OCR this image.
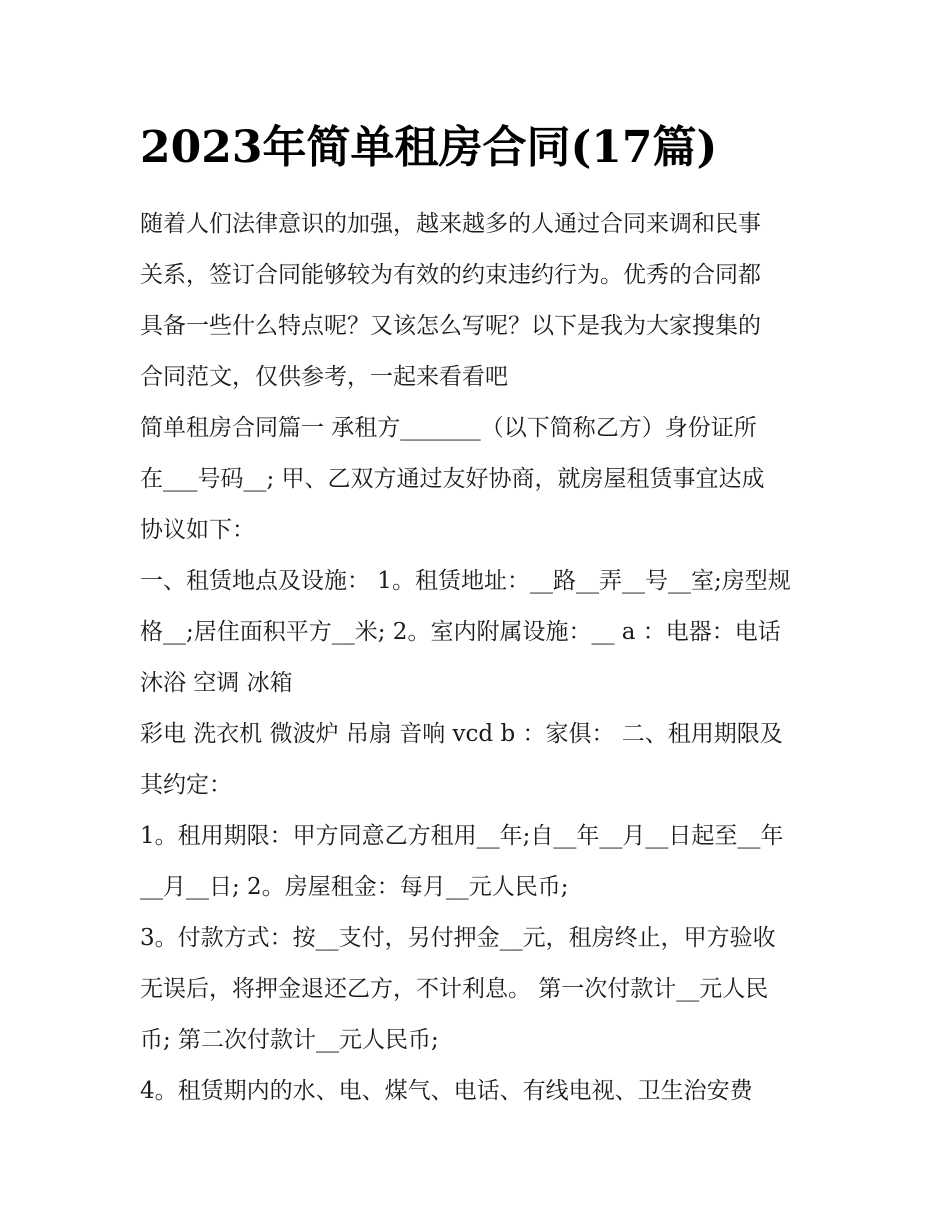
2023年简单租房合同(17篇)
随着人们法律意识的加强，越来越多的人通过合同来调和民事
关系，签订合同能够较为有效的约束违约行为。优秀的合同都
具备一些什么特点呢？又该怎么写呢？以下是我为大家搜集的
合同范文，仅供参考，一起来看看吧
简单租房合同篇一 承租方_______（以下简称乙方）身份证所
在___号码__; 甲、乙双方通过友好协商，就房屋租赁事宜达成
协议如下：
一、租赁地点及设施： 1。租赁地址：__路__弄__号__室;房型规
格__;居住面积平方__米; 2。室内附属设施：__ a ：电器：电话
沐浴 空调 冰箱
彩电 洗衣机 微波炉 吊扇 音响 vcd b ：家俱： 二、租用期限及
其约定：
1。租用期限：甲方同意乙方租用__年;自__年__月__日起至__年
__月__日; 2。房屋租金：每月__元人民币;
3。付款方式：按__支付，另付押金__元，租房终止，甲方验收
无误后，将押金退还乙方，不计利息。 第一次付款计__元人民
币; 第二次付款计__元人民币;
4。租赁期内的水、电、煤气、电话、有线电视、卫生治安费
